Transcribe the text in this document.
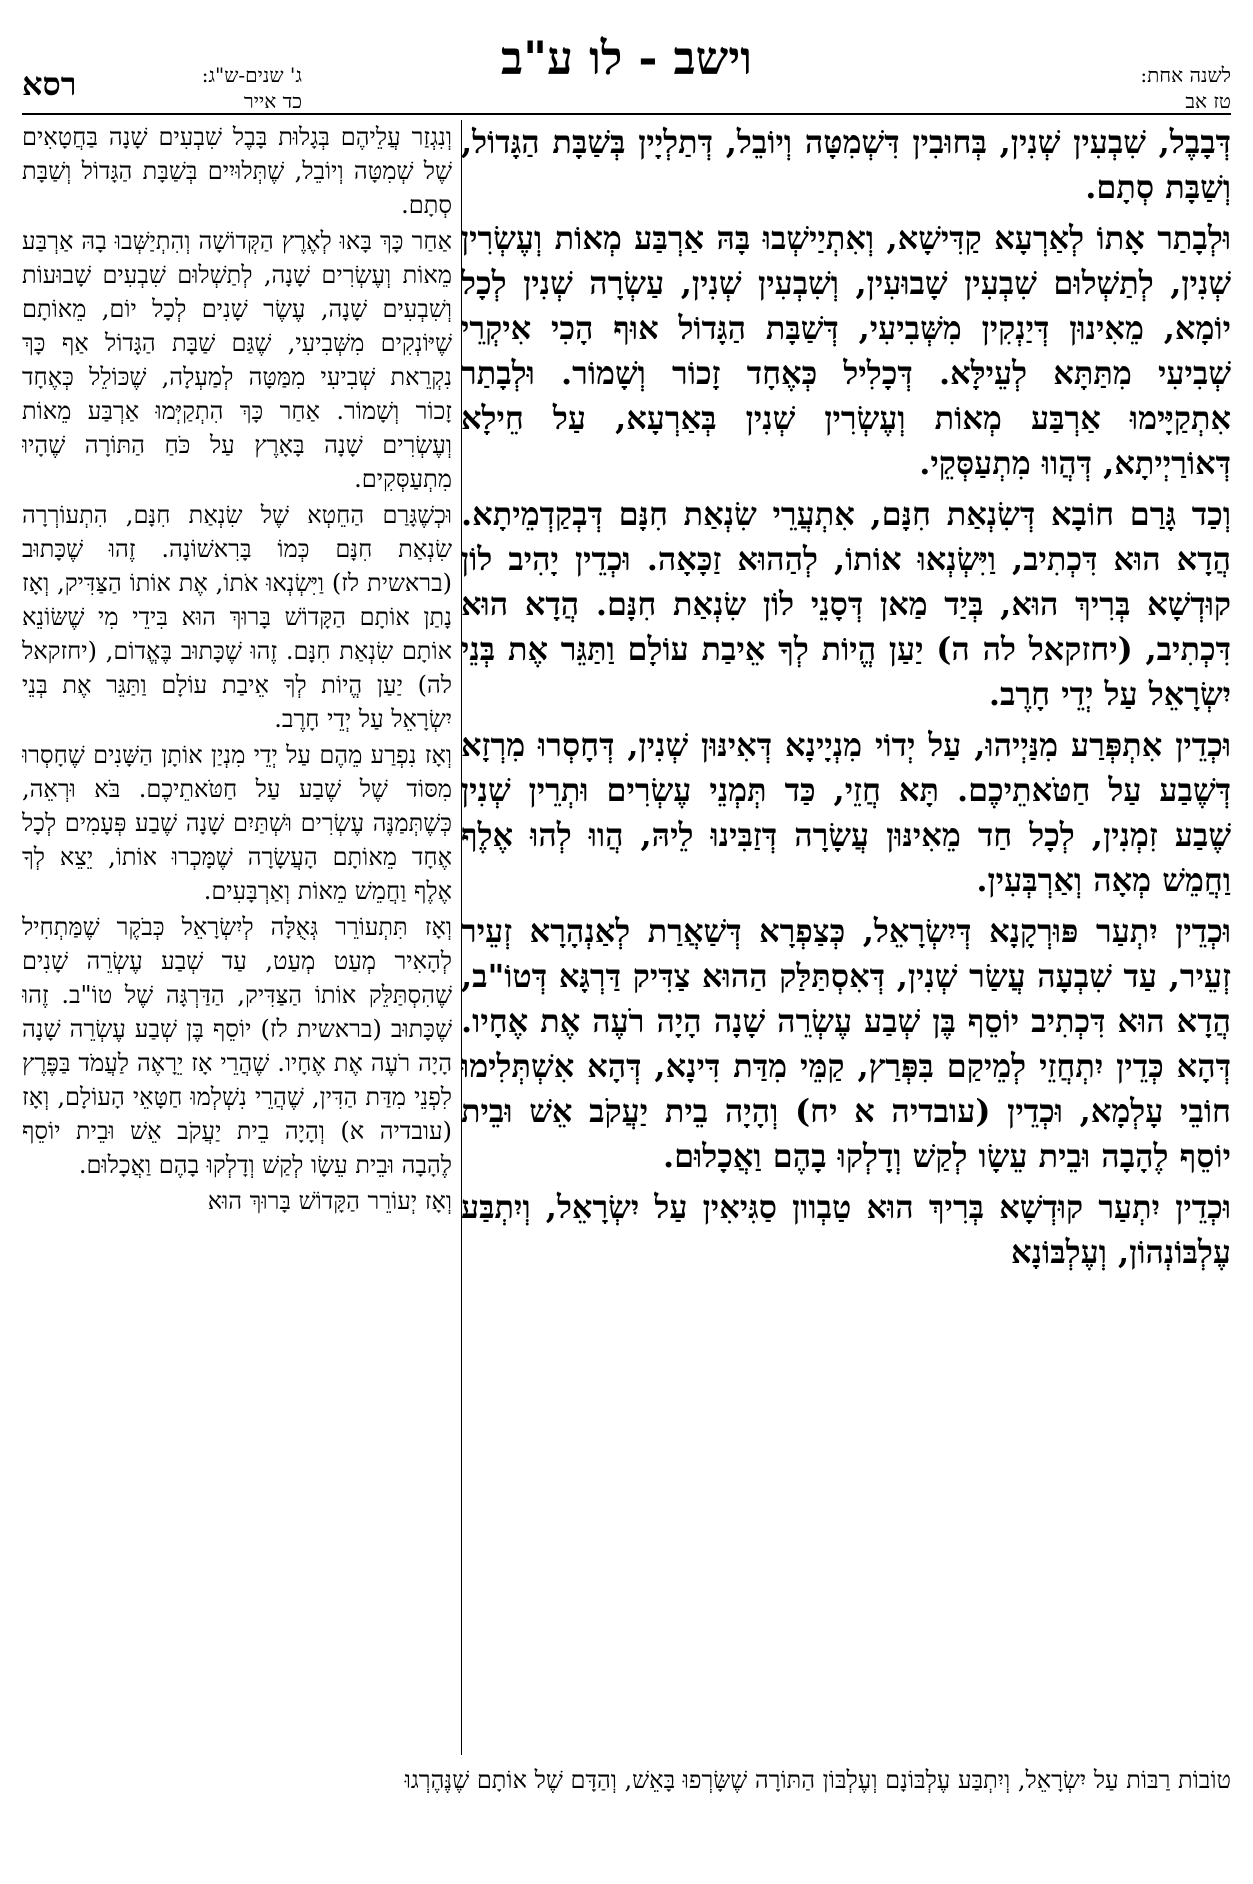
וישב - לו ע"ב	לשנה אחת:
טז אב
ג' שנים-ש"ג:
כד אייר
רסא

דְּבָבֶל, שִׁבְעִין שְׁנִין, בְּחוּבִין דִּשְׁמִטָּה וְיוֹבֵל, דְּתַלְיָין בְּשַׁבָּת הַגָּדוֹל, וְשַׁבָּת סְתָם.

וּלְבָתַר אָתוֹ לְאַרְעָא קַדִּישָׁא, וְאִתְיַישְׁבוּ בָּהּ אַרְבַּע מְאוֹת וְעֶשְׂרִין שְׁנִין, לְתַשְׁלוּם שִׁבְעִין שָׁבוּעִין, וְשִׁבְעִין שְׁנִין, עַשְׂרָה שְׁנִין לְכָל יוֹמָא, מֵאִינוּן דְּיַנְקִין מִשְּׁבִיעִי, דְּשַׁבָּת הַגָּדוֹל אוּף הָכִי אִיקְרֵי שְׁבִיעִי מִתַּתָּא לְעֵילָּא. דְּכָלִיל כְּאֶחָד זָכוֹר וְשָׁמוֹר. וּלְבָתַר אִתְקַיָּימוּ אַרְבַּע מְאוֹת וְעֶשְׂרִין שְׁנִין בְּאַרְעָא, עַל חֵילָא דְּאוֹרַיְיתָא, דְּהֲווּ מִתְעַסְּקֵי.

וְכַד גָּרַם חוֹבָא דְּשִׂנְאַת חִנָּם, אִתְעֲרֵי שִׂנְאַת חִנָּם דְּבְקַדְמֵיתָא. הֲדָא הוּא דִּכְתִיב, וַיִּשְׂנְאוּ אוֹתוֹ, לְהַהוּא זַכָּאָה. וּכְדֵין יָהִיב לוֹן קוּדְשָׁא בְּרִיךְ הוּא, בְּיַד מַאן דְּסָנֵי לוֹן שִׂנְאַת חִנָּם. הֲדָא הוּא דִּכְתִיב, (יחזקאל לה ה) יַעַן הֱיוֹת לְךָ אֵיבַת עוֹלָם וַתַּגֵּר אֶת בְּנֵי יִשְׂרָאֵל עַל יְדֵי חָרֶב.

וּכְדֵין אִתְפְּרַע מִנַּיְיהוּ, עַל יְדוֹי מִנְיָינָא דְּאִינּוּן שְׁנִין, דְּחָסְרוּ מִרְזָא דְּשֶׁבַע עַל חַטֹּאתֵיכֶם. תָּא חֲזֵי, כַּד תְּמְנֵי עֶשְׂרִים וּתְרֵין שְׁנִין שֶׁבַע זִמְנִין, לְכָל חַד מֵאִינּוּן עֲשָׂרָה דְּזַבִּינוּ לֵיהּ, הֲווּ לְהוּ אֶלֶף וַחֲמֵשׁ מְאָה וְאַרְבְּעִין.

וּכְדֵין יִתְעַר פּוּרְקָנָא דְּיִשְׂרָאֵל, כְּצַפְרָא דְּשַׁאֲרַת לְאַנְהָרָא זְעֵיר זְעֵיר, עַד שִׁבְעָה עֲשַׂר שְׁנִין, דְּאִסְתַּלַּק הַהוּא צַדִּיק דַּרְגָּא דְּטוֹ"ב, הֲדָא הוּא דִּכְתִיב יוֹסֵף בֶּן שְׁבַע עֶשְׂרֵה שָׁנָה הָיָה רֹעֶה אֶת אֶחָיו. דְּהָא כְּדֵין יִתְחֲזֵי לְמֵיקַם בִּפְּרַץ, קַמֵּי מִדַּת דִּינָא, דְּהָא אִשְׁתְּלִימוּ חוֹבֵי עָלְמָא, וּכְדֵין (עובדיה א יח) וְהָיָה בֵית יַעֲקֹב אֵשׁ וּבֵית יוֹסֵף לֶהָבָה וּבֵית עֵשָׂו לְקַשׁ וְדָלְקוּ בָהֶם וַאֲכָלוּם.

וּכְדֵין יִתְעַר קוּדְשָׁא בְּרִיךְ הוּא טַבְוון סַגִּיאִין עַל יִשְׂרָאֵל, וְיִתְבַּע עֶלְבּוֹנְהוֹן, וְעֶלְבּוֹנָא

וְנִגְזַר עֲלֵיהֶם בְּגָלוּת בָּבֶל שִׁבְעִים שָׁנָה בַּחֲטָאִים שֶׁל שְׁמִטָּה וְיוֹבֵל, שֶׁתְּלוּיִים בְּשַׁבָּת הַגָּדוֹל וְשַׁבָּת סְתָם.

אַחַר כָּךְ בָּאוּ לְאֶרֶץ הַקְּדוֹשָׁה וְהִתְיַשְּׁבוּ בָהּ אַרְבַּע מֵאוֹת וְעֶשְׂרִים שָׁנָה, לְתַשְׁלוּם שִׁבְעִים שָׁבוּעוֹת וְשִׁבְעִים שָׁנָה, עֶשֶׂר שָׁנִים לְכָל יוֹם, מֵאוֹתָם שֶׁיּוֹנְקִים מִשְּׁבִיעִי, שֶׁגַּם שַׁבָּת הַגָּדוֹל אַף כָּךְ נִקְרֵאת שְׁבִיעִי מִמַּטָּה לְמַעְלָה, שֶׁכּוֹלֵל כְּאֶחָד זָכוֹר וְשָׁמוֹר. אַחַר כָּךְ הִתְקַיְּמוּ אַרְבַּע מֵאוֹת וְעֶשְׂרִים שָׁנָה בָּאָרֶץ עַל כֹּחַ הַתּוֹרָה שֶׁהָיוּ מִתְעַסְּקִים.

וּכְשֶׁגָּרַם הַחֵטְא שֶׁל שִׂנְאַת חִנָּם, הִתְעוֹרְרָה שִׂנְאַת חִנָּם כְּמוֹ בָּרִאשׁוֹנָה. זֶהוּ שֶׁכָּתוּב (בראשית לז) וַיִּשְׂנְאוּ אֹתוֹ, אֶת אוֹתוֹ הַצַּדִּיק, וְאָז נָתַן אוֹתָם הַקָּדוֹשׁ בָּרוּךְ הוּא בִּידֵי מִי שֶׁשּׂוֹנֵא אוֹתָם שִׂנְאַת חִנָּם. זֶהוּ שֶׁכָּתוּב בֶּאֱדוֹם, (יחזקאל לה) יַעַן הֱיוֹת לְךָ אֵיבַת עוֹלָם וַתַּגֵּר אֶת בְּנֵי יִשְׂרָאֵל עַל יְדֵי חָרֶב.

וְאָז נִפְרַע מֵהֶם עַל יְדֵי מִנְיַן אוֹתָן הַשָּׁנִים שֶׁחָסְרוּ מִסּוֹד שֶׁל שֶׁבַע עַל חַטֹּאתֵיכֶם. בֹּא וּרְאֵה, כְּשֶׁתְּמַנֶּה עֶשְׂרִים וּשְׁתַּיִם שָׁנָה שֶׁבַע פְּעָמִים לְכָל אֶחָד מֵאוֹתָם הָעֲשָׂרָה שֶׁמָּכְרוּ אוֹתוֹ, יֵצֵא לְךָ אֶלֶף וַחֲמֵשׁ מֵאוֹת וְאַרְבָּעִים.

וְאָז תִּתְעוֹרֵר גְּאֻלָּה לְיִשְׂרָאֵל כְּבֹקֶר שֶׁמַּתְחִיל לְהָאִיר מְעַט מְעַט, עַד שְׁבַע עֶשְׂרֵה שָׁנִים שֶׁהִסְתַּלֵּק אוֹתוֹ הַצַּדִּיק, הַדַּרְגָּה שֶׁל טוֹ"ב. זֶהוּ שֶׁכָּתוּב (בראשית לז) יוֹסֵף בֶּן שְׁבַע עֶשְׂרֵה שָׁנָה הָיָה רֹעֶה אֶת אֶחָיו. שֶׁהֲרֵי אָז יֵרָאֶה לַעֲמֹד בַּפֶּרֶץ לִפְנֵי מִדַּת הַדִּין, שֶׁהֲרֵי נִשְׁלְמוּ חַטָּאֵי הָעוֹלָם, וְאָז (עובדיה א) וְהָיָה בֵית יַעֲקֹב אֵשׁ וּבֵית יוֹסֵף לֶהָבָה וּבֵית עֵשָׂו לְקַשׁ וְדָלְקוּ בָהֶם וַאֲכָלוּם.

וְאָז יְעוֹרֵר הַקָּדוֹשׁ בָּרוּךְ הוּא

טוֹבוֹת רַבּוֹת עַל יִשְׂרָאֵל, וְיִתְבַּע עֶלְבּוֹנָם וְעֶלְבּוֹן הַתּוֹרָה שֶׁשָּׂרְפוּ בָּאֵשׁ, וְהַדָּם שֶׁל אוֹתָם שֶׁנֶּהֶרְגוּ
